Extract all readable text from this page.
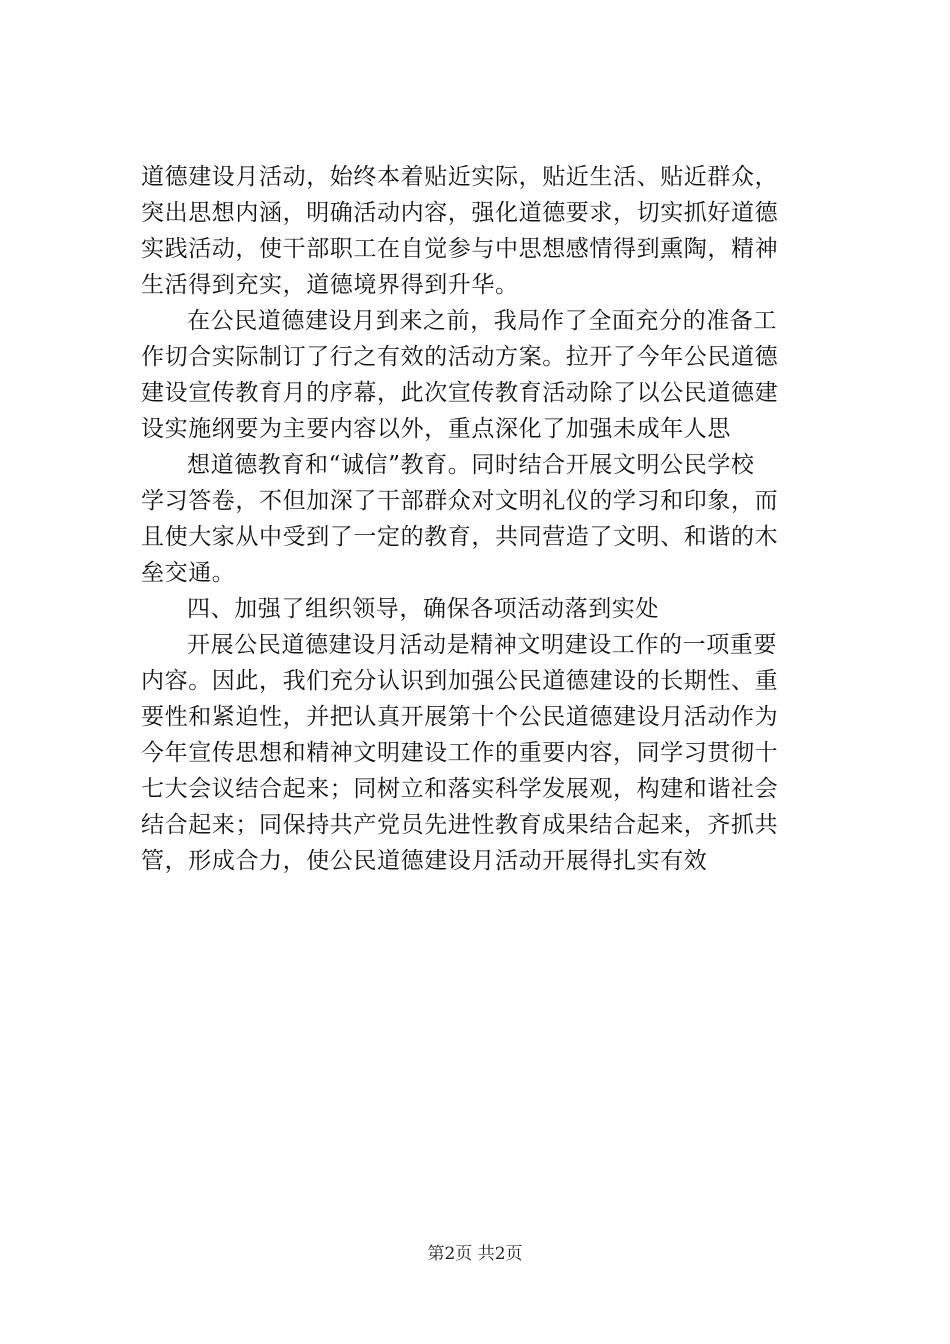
道德建设月活动，始终本着贴近实际，贴近生活、贴近群众，
突出思想内涵，明确活动内容，强化道德要求，切实抓好道德
实践活动，使干部职工在自觉参与中思想感情得到熏陶，精神
生活得到充实，道德境界得到升华。
在公民道德建设月到来之前，我局作了全面充分的准备工
作切合实际制订了行之有效的活动方案。拉开了今年公民道德
建设宣传教育月的序幕，此次宣传教育活动除了以公民道德建
设实施纲要为主要内容以外，重点深化了加强未成年人思
想道德教育和“诚信”教育。同时结合开展文明公民学校
学习答卷，不但加深了干部群众对文明礼仪的学习和印象，而
且使大家从中受到了一定的教育，共同营造了文明、和谐的木
垒交通。
四、加强了组织领导，确保各项活动落到实处
开展公民道德建设月活动是精神文明建设工作的一项重要
内容。因此，我们充分认识到加强公民道德建设的长期性、重
要性和紧迫性，并把认真开展第十个公民道德建设月活动作为
今年宣传思想和精神文明建设工作的重要内容，同学习贯彻十
七大会议结合起来；同树立和落实科学发展观，构建和谐社会
结合起来；同保持共产党员先进性教育成果结合起来，齐抓共
管，形成合力，使公民道德建设月活动开展得扎实有效
第2页 共2页
